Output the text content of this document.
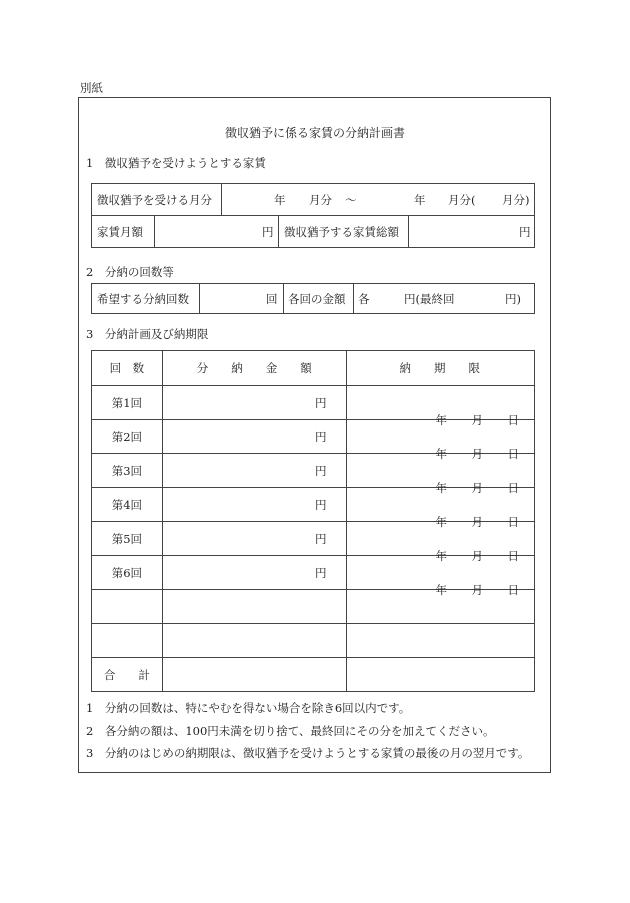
別紙
徴収猶予に係る家賃の分納計画書
1　徴収猶予を受けようとする家賃
徴収猶予を受ける月分	年 月分 ～	年 月分( 月分)
家賃月額	円 徴収猶予する家賃総額	円
2　分納の回数等
希望する分納回数	回 各回の金額 各	円(最終回	円)
3　分納計画及び納期限
回　数	分　　納　　金　　額	納　　期　　限
第1回	円	年 月 日

第2回	円	年 月 日

第3回	円	年 月 日

第4回	円	年 月 日

第5回	円	年 月 日

第6回	円	年 月 日

合　　計		
1　分納の回数は、特にやむを得ない場合を除き6回以内です。
2　各分納の額は、100円未満を切り捨て、最終回にその分を加えてください。
3　分納のはじめの納期限は、徴収猶予を受けようとする家賃の最後の月の翌月です。
